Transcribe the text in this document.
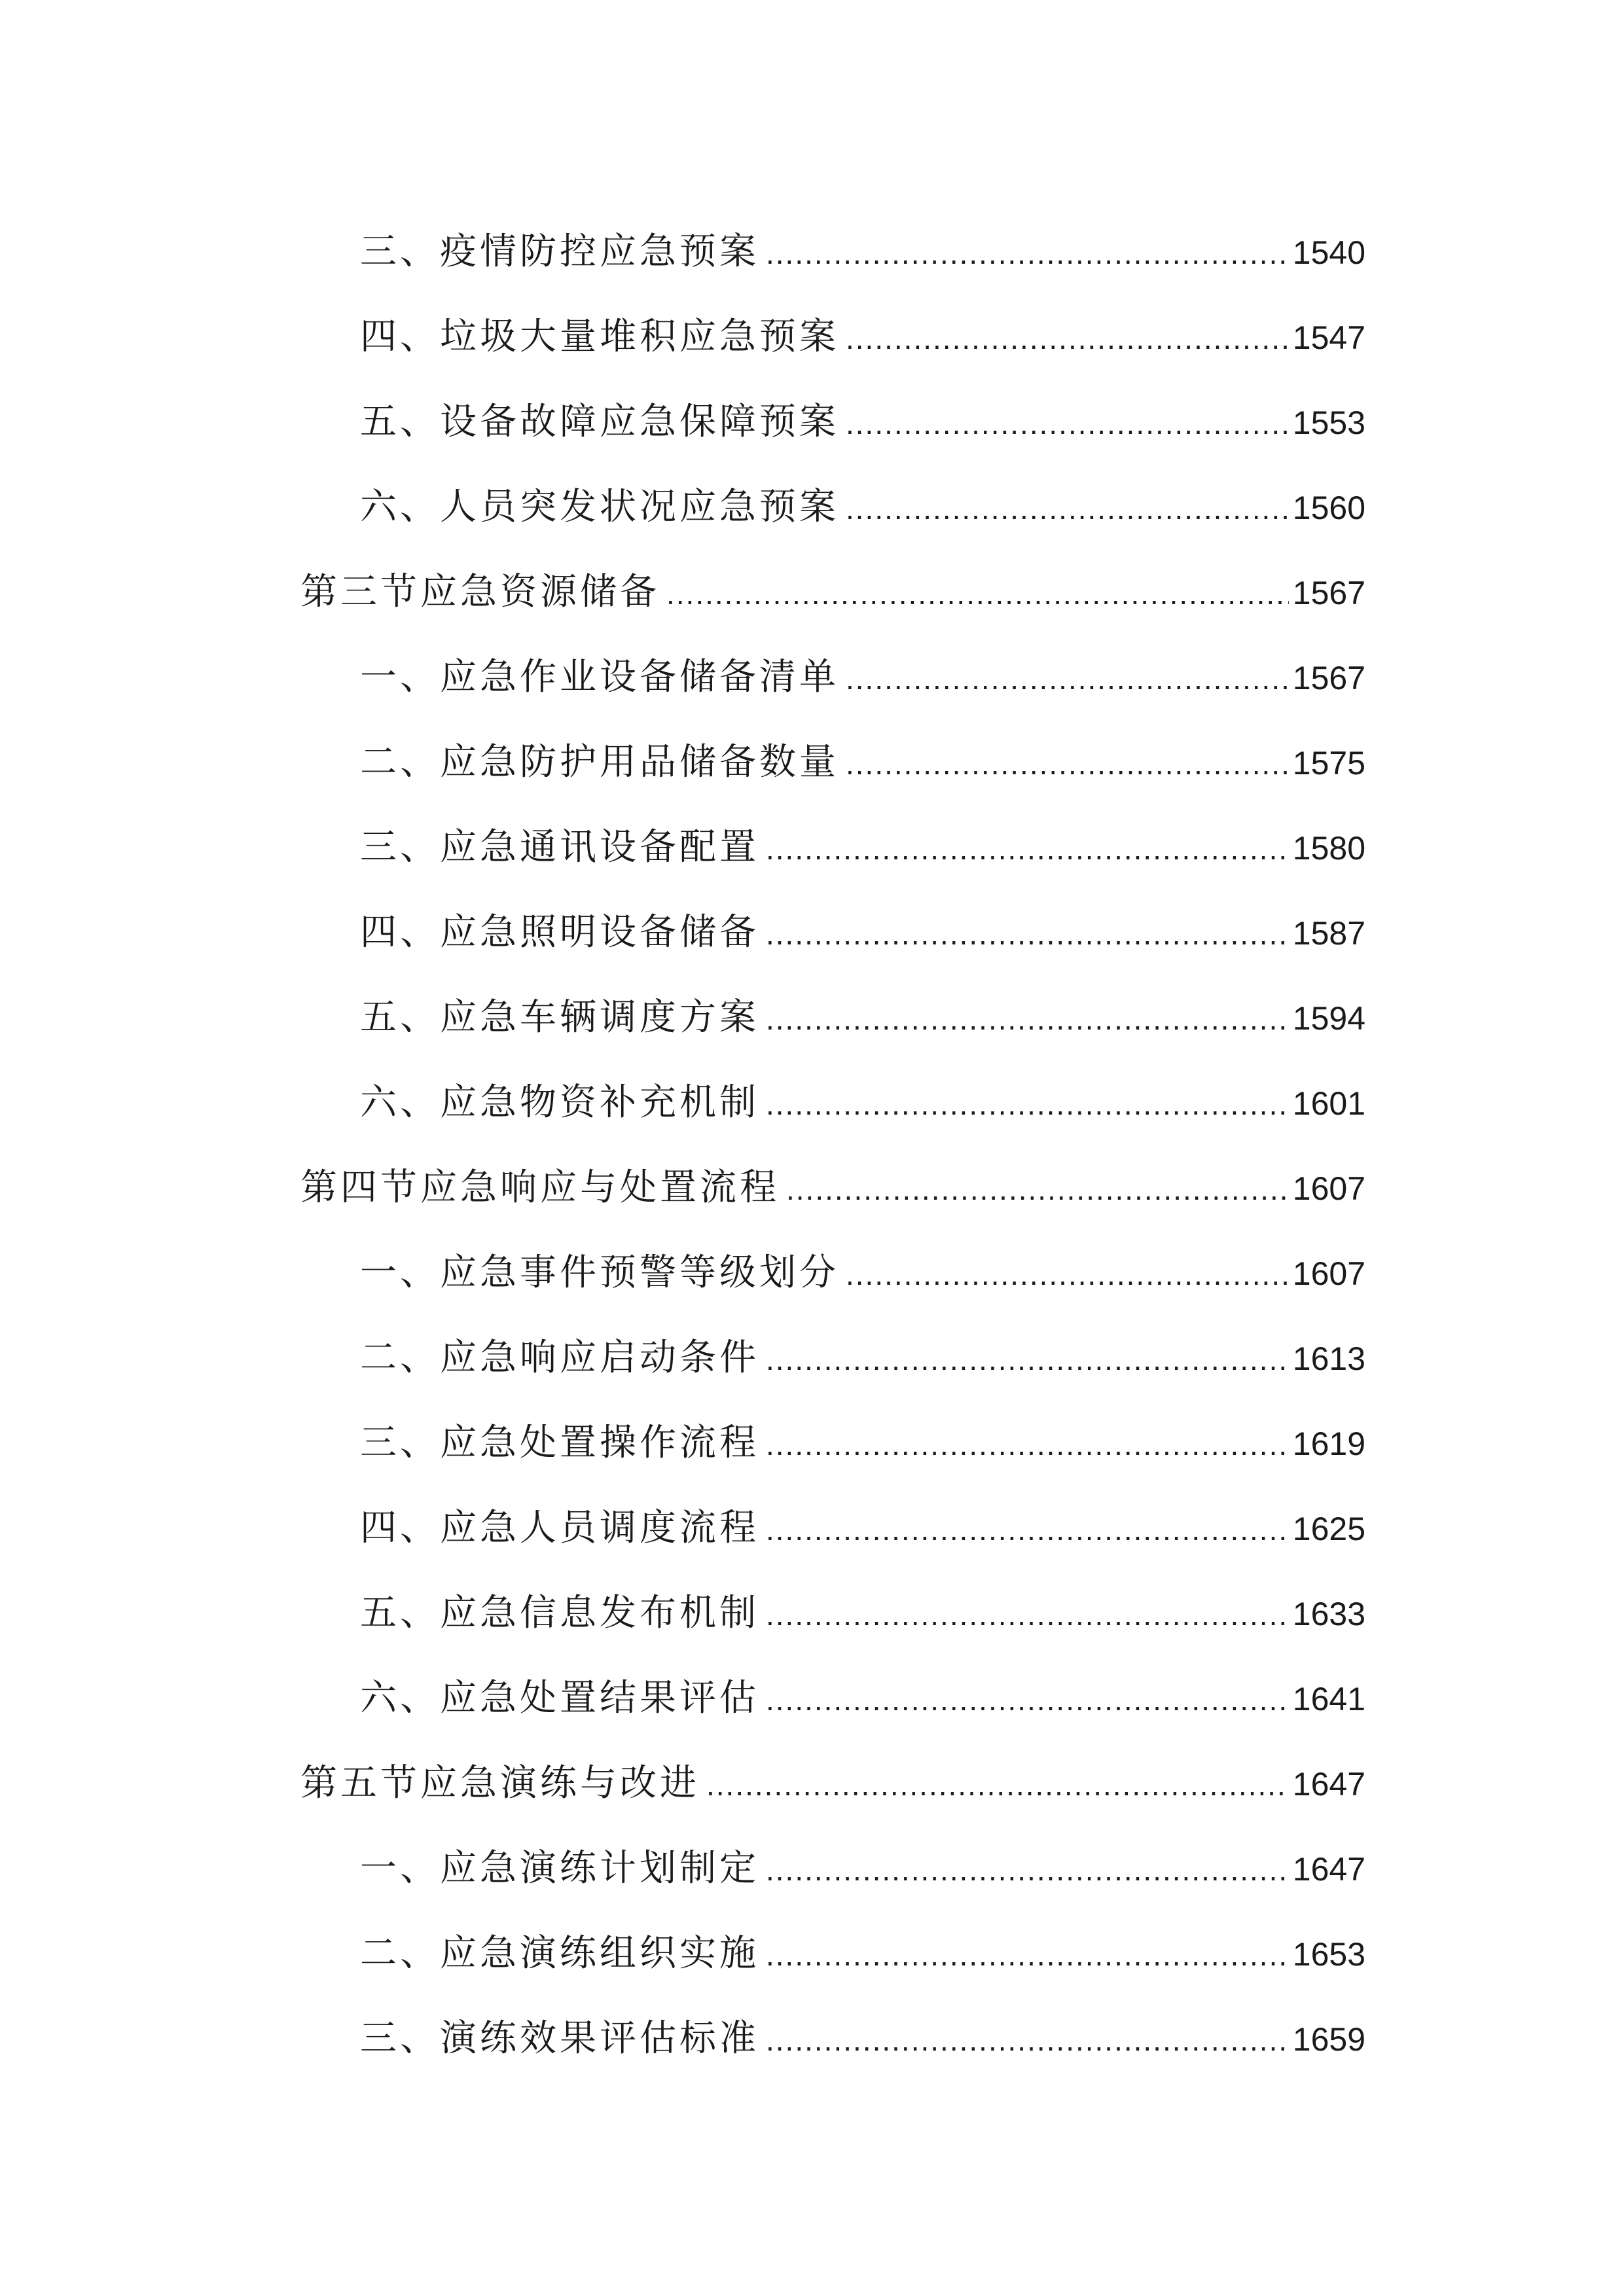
三、疫情防控应急预案 .....	1540
四、垃圾大量堆积应急预案 .....	1547
五、设备故障应急保障预案 .....	1553
六、人员突发状况应急预案 .....	1560
第三节应急资源储备 .....	1567
一、应急作业设备储备清单 .....	1567
二、应急防护用品储备数量 .....	1575
三、应急通讯设备配置 .....	1580
四、应急照明设备储备 .....	1587
五、应急车辆调度方案 .....	1594
六、应急物资补充机制 .....	1601
第四节应急响应与处置流程 .....	1607
一、应急事件预警等级划分 .....	1607
二、应急响应启动条件 .....	1613
三、应急处置操作流程 .....	1619
四、应急人员调度流程 .....	1625
五、应急信息发布机制 .....	1633
六、应急处置结果评估 .....	1641
第五节应急演练与改进 .....	1647
一、应急演练计划制定 .....	1647
二、应急演练组织实施 .....	1653
三、演练效果评估标准 .....	1659
